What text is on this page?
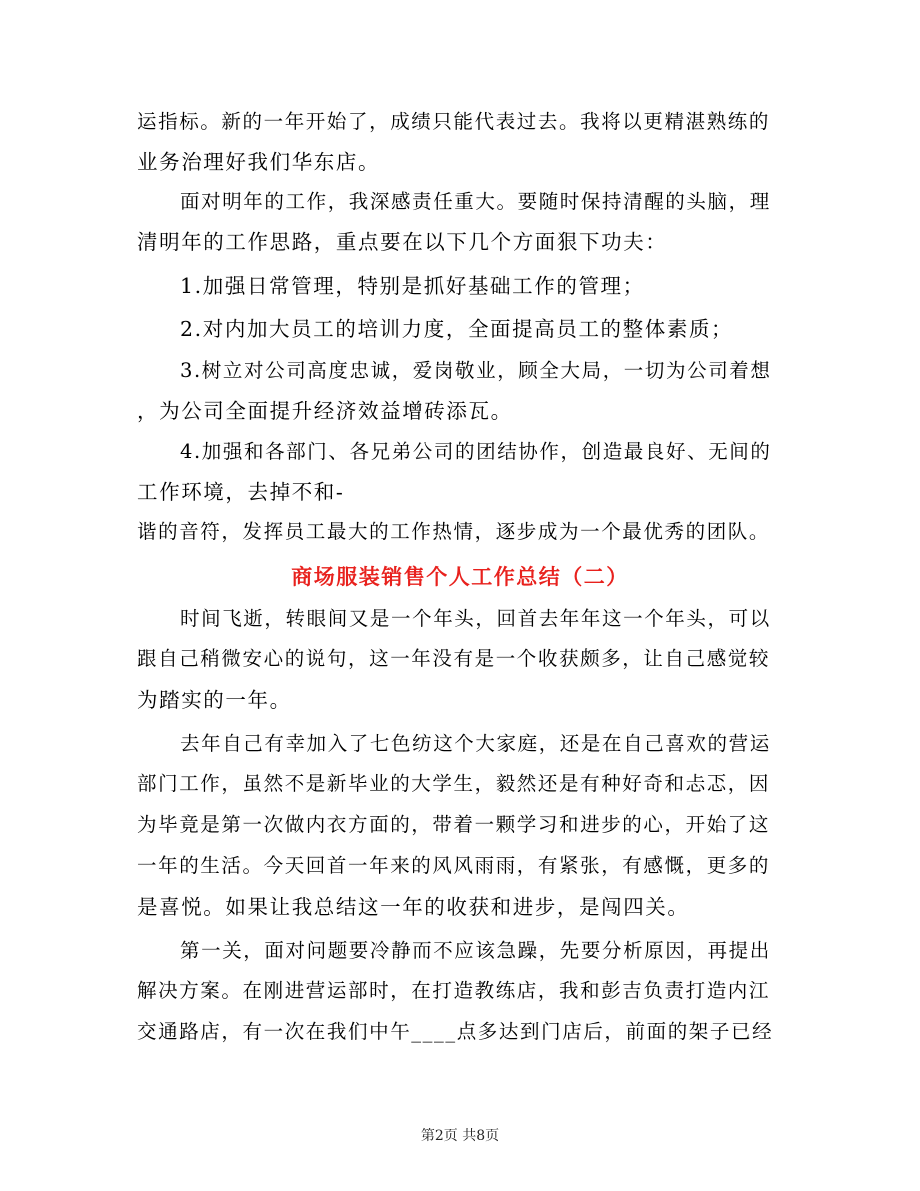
运指标。新的一年开始了，成绩只能代表过去。我将以更精湛熟练的
业务治理好我们华东店。
面对明年的工作，我深感责任重大。要随时保持清醒的头脑，理
清明年的工作思路，重点要在以下几个方面狠下功夫：
1.加强日常管理，特别是抓好基础工作的管理；
2.对内加大员工的培训力度，全面提高员工的整体素质；
3.树立对公司高度忠诚，爱岗敬业，顾全大局，一切为公司着想
，为公司全面提升经济效益增砖添瓦。
4.加强和各部门、各兄弟公司的团结协作，创造最良好、无间的
工作环境，去掉不和-
谐的音符，发挥员工最大的工作热情，逐步成为一个最优秀的团队。
商场服装销售个人工作总结（二）
时间飞逝，转眼间又是一个年头，回首去年年这一个年头，可以
跟自己稍微安心的说句，这一年没有是一个收获颇多，让自己感觉较
为踏实的一年。
去年自己有幸加入了七色纺这个大家庭，还是在自己喜欢的营运
部门工作，虽然不是新毕业的大学生，毅然还是有种好奇和忐忑，因
为毕竟是第一次做内衣方面的，带着一颗学习和进步的心，开始了这
一年的生活。今天回首一年来的风风雨雨，有紧张，有感慨，更多的
是喜悦。如果让我总结这一年的收获和进步，是闯四关。
第一关，面对问题要冷静而不应该急躁，先要分析原因，再提出
解决方案。在刚进营运部时，在打造教练店，我和彭吉负责打造内江
交通路店，有一次在我们中午____点多达到门店后，前面的架子已经
第2页 共8页
